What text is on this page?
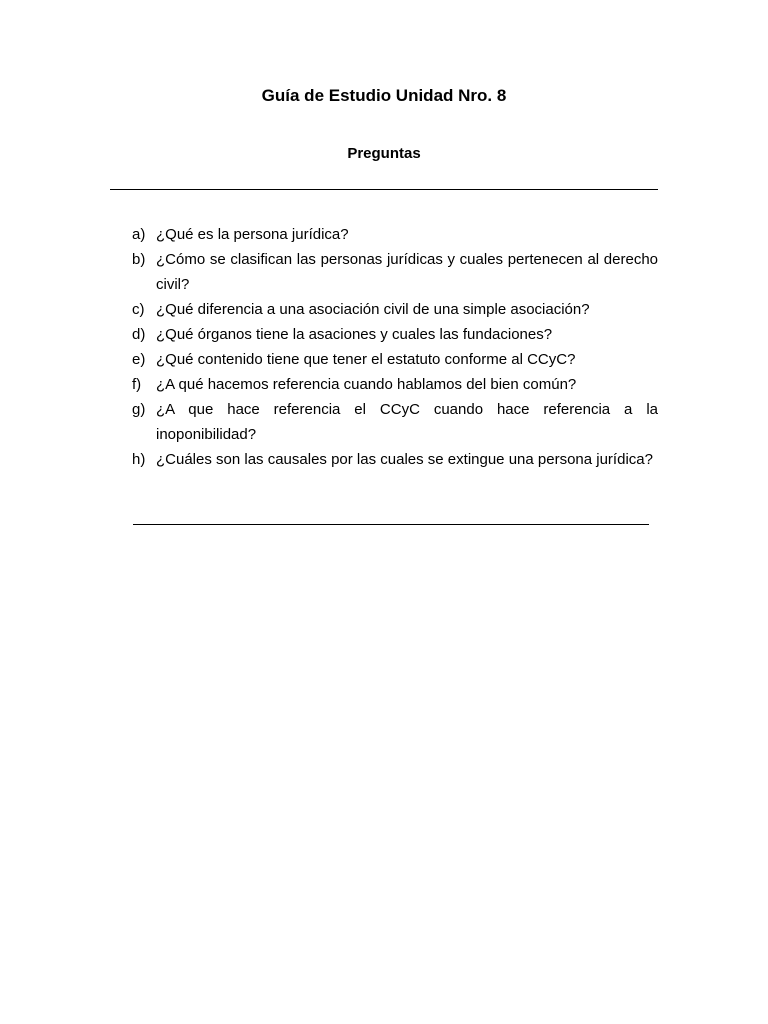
Guía de Estudio Unidad Nro. 8
Preguntas
a) ¿Qué es la persona jurídica?
b) ¿Cómo se clasifican las personas jurídicas y cuales pertenecen al derecho civil?
c) ¿Qué diferencia a una asociación civil de una simple asociación?
d) ¿Qué órganos tiene la asaciones y cuales las fundaciones?
e) ¿Qué contenido tiene que tener el estatuto conforme al CCyC?
f) ¿A qué hacemos referencia cuando hablamos del bien común?
g) ¿A que hace referencia el CCyC cuando hace referencia a la inoponibilidad?
h) ¿Cuáles son las causales por las cuales se extingue una persona jurídica?
